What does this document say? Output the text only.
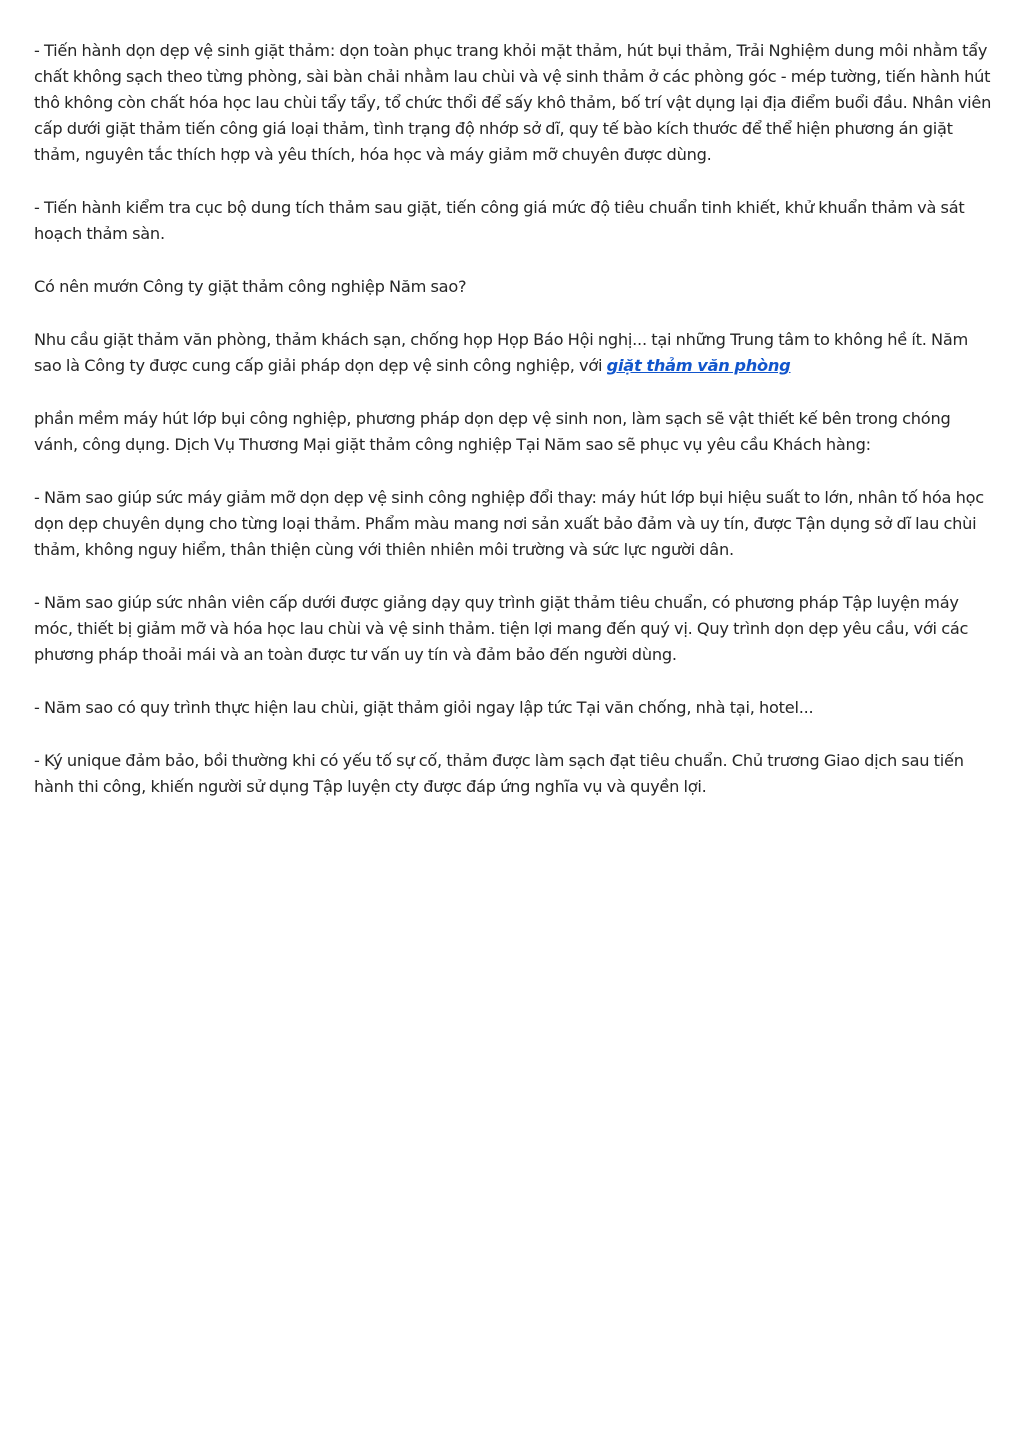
- Tiến hành dọn dẹp vệ sinh giặt thảm: dọn toàn phục trang khỏi mặt thảm, hút bụi thảm, Trải Nghiệm dung môi nhằm tẩy chất không sạch theo từng phòng, sài bàn chải nhằm lau chùi và vệ sinh thảm ở các phòng góc - mép tường, tiến hành hút thô không còn chất hóa học lau chùi tẩy tẩy, tổ chức thổi để sấy khô thảm, bố trí vật dụng lại địa điểm buổi đầu. Nhân viên cấp dưới giặt thảm tiến công giá loại thảm, tình trạng độ nhớp sở dĩ, quy tế bào kích thước để thể hiện phương án giặt thảm, nguyên tắc thích hợp và yêu thích, hóa học và máy giảm mỡ chuyên được dùng.

- Tiến hành kiểm tra cục bộ dung tích thảm sau giặt, tiến công giá mức độ tiêu chuẩn tinh khiết, khử khuẩn thảm và sát hoạch thảm sàn.

Có nên mướn Công ty giặt thảm công nghiệp Năm sao?

Nhu cầu giặt thảm văn phòng, thảm khách sạn, chống họp Họp Báo Hội nghị... tại những Trung tâm to không hề ít. Năm sao là Công ty được cung cấp giải pháp dọn dẹp vệ sinh công nghiệp, với giặt thảm văn phòng

phần mềm máy hút lớp bụi công nghiệp, phương pháp dọn dẹp vệ sinh non, làm sạch sẽ vật thiết kế bên trong chóng vánh, công dụng. Dịch Vụ Thương Mại giặt thảm công nghiệp Tại Năm sao sẽ phục vụ yêu cầu Khách hàng:

- Năm sao giúp sức máy giảm mỡ dọn dẹp vệ sinh công nghiệp đổi thay: máy hút lớp bụi hiệu suất to lớn, nhân tố hóa học dọn dẹp chuyên dụng cho từng loại thảm. Phẩm màu mang nơi sản xuất bảo đảm và uy tín, được Tận dụng sở dĩ lau chùi thảm, không nguy hiểm, thân thiện cùng với thiên nhiên môi trường và sức lực người dân.

- Năm sao giúp sức nhân viên cấp dưới được giảng dạy quy trình giặt thảm tiêu chuẩn, có phương pháp Tập luyện máy móc, thiết bị giảm mỡ và hóa học lau chùi và vệ sinh thảm. tiện lợi mang đến quý vị. Quy trình dọn dẹp yêu cầu, với các phương pháp thoải mái và an toàn được tư vấn uy tín và đảm bảo đến người dùng.

- Năm sao có quy trình thực hiện lau chùi, giặt thảm giỏi ngay lập tức Tại văn chống, nhà tại, hotel...

- Ký unique đảm bảo, bồi thường khi có yếu tố sự cố, thảm được làm sạch đạt tiêu chuẩn. Chủ trương Giao dịch sau tiến hành thi công, khiến người sử dụng Tập luyện cty được đáp ứng nghĩa vụ và quyền lợi.
